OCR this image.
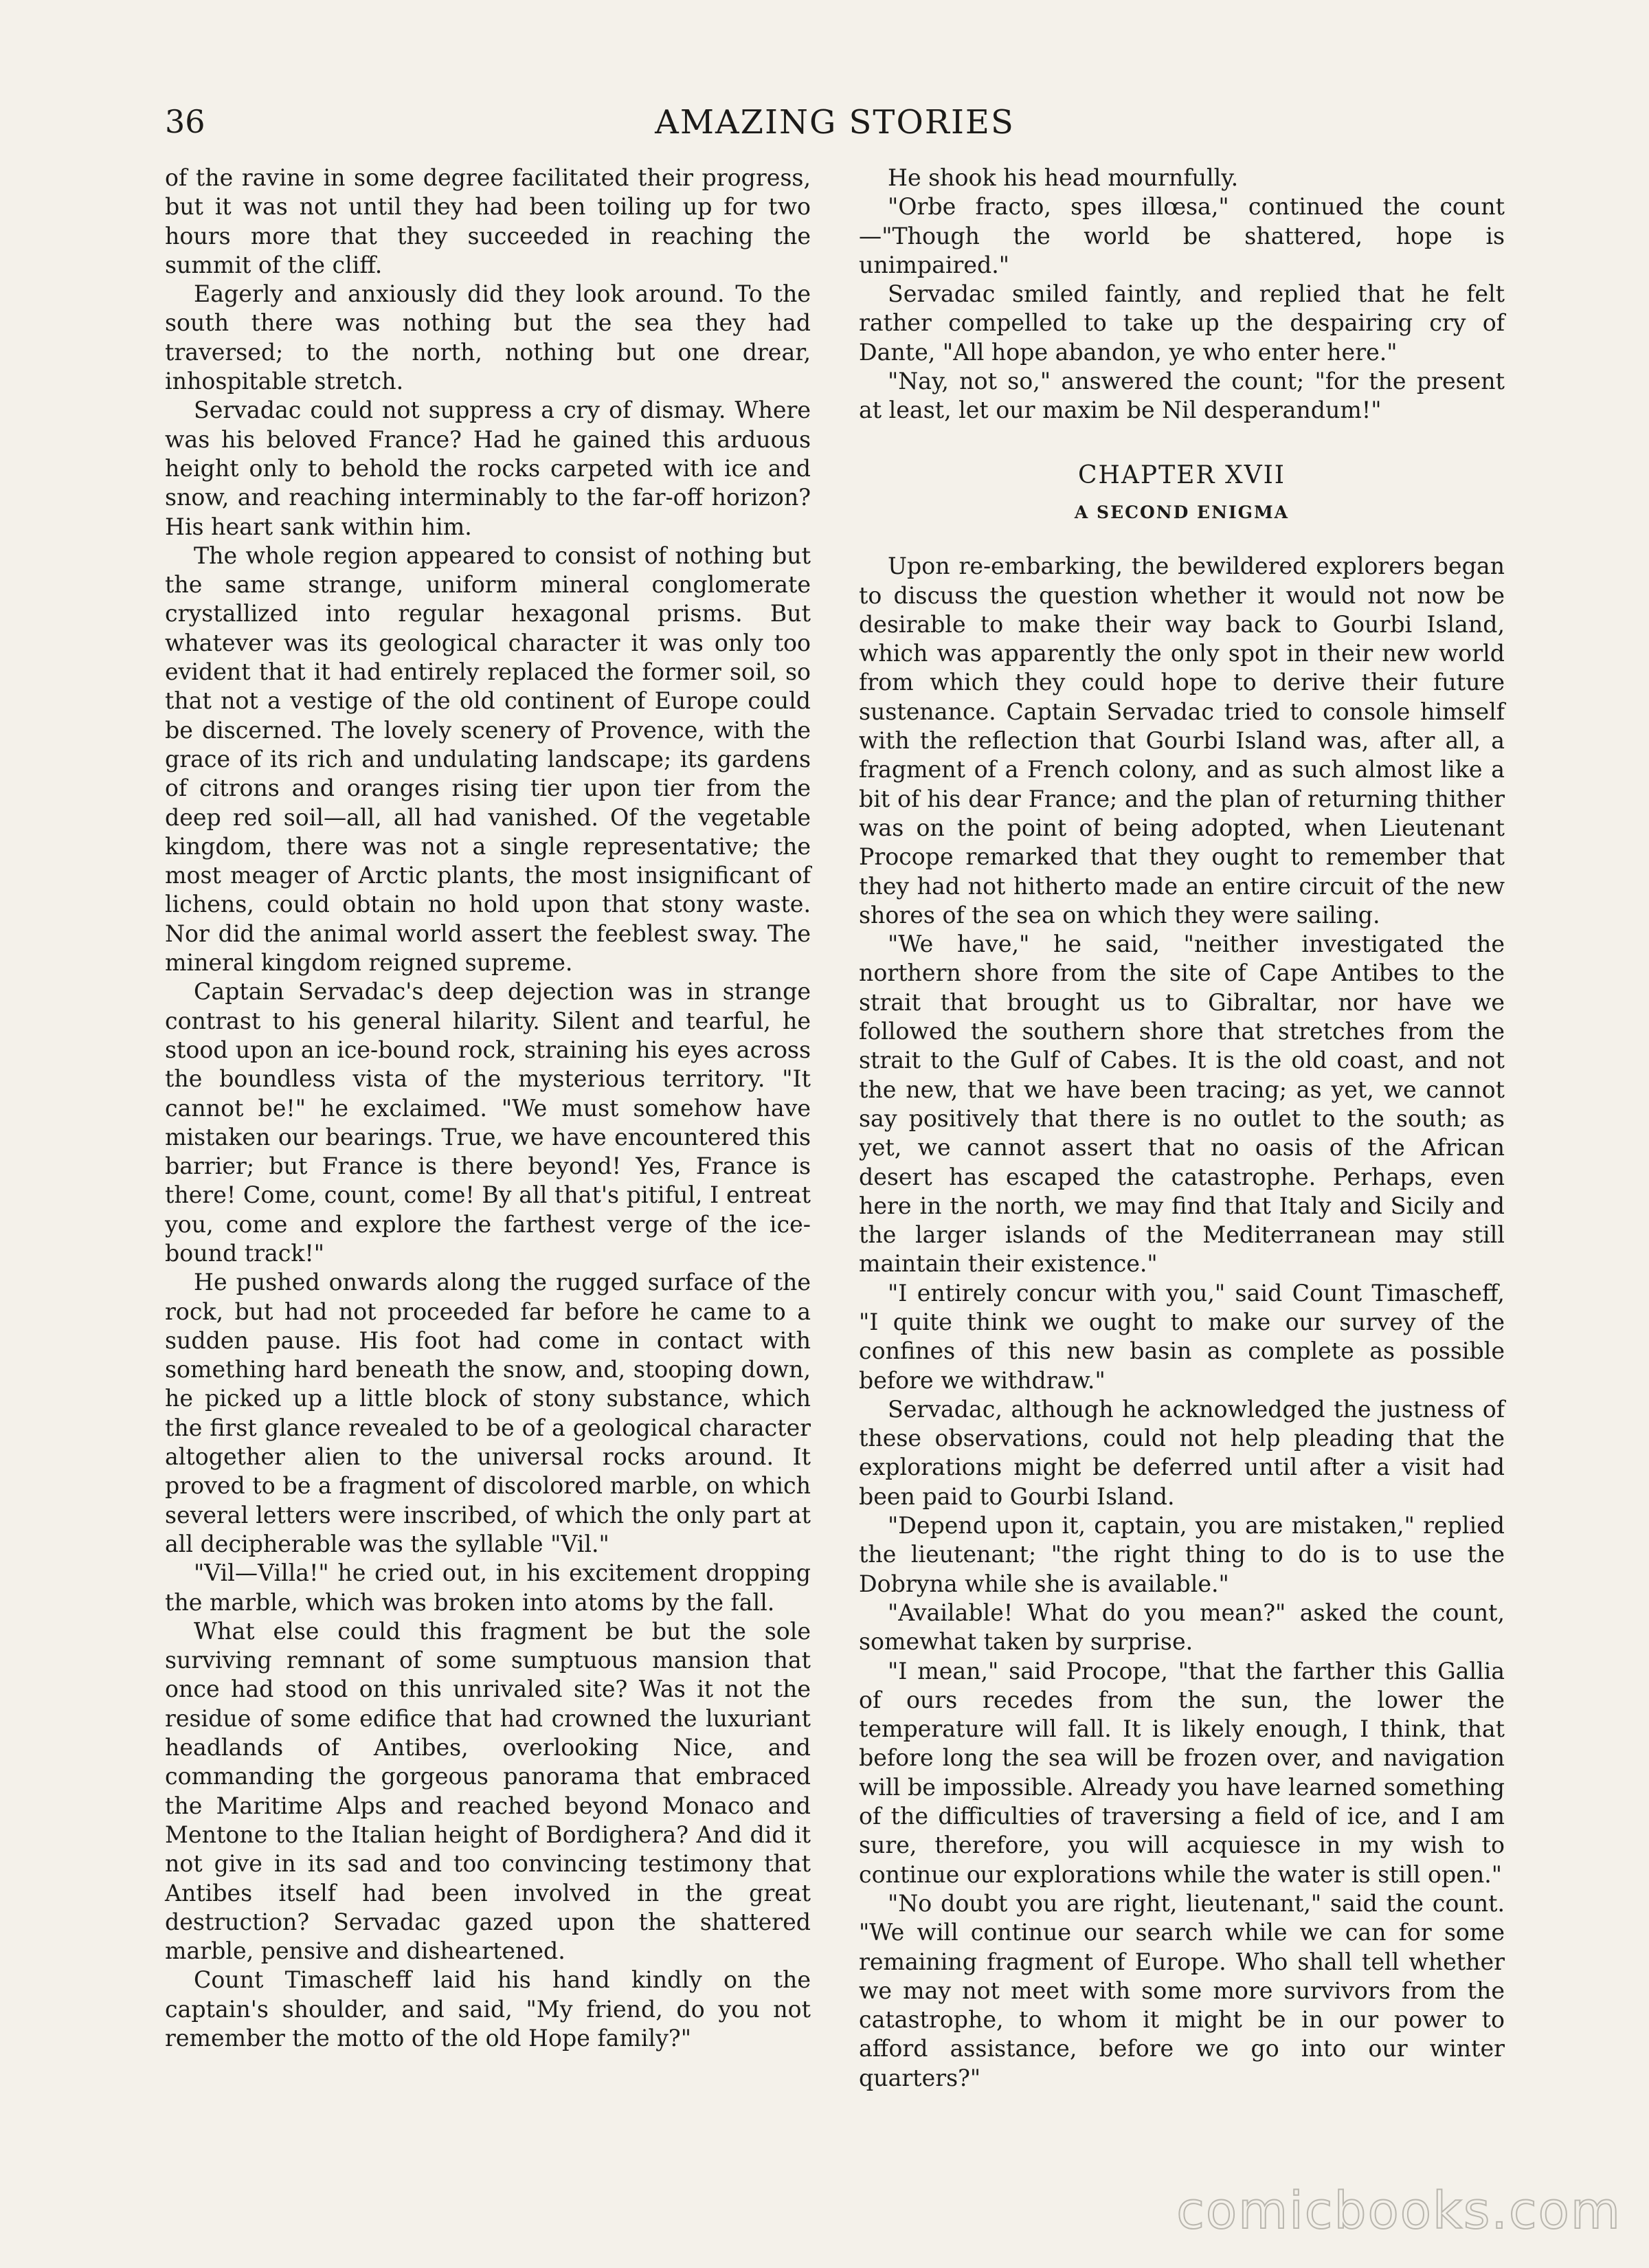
36	AMAZING STORIES

of the ravine in some degree facilitated their progress, but it was not until they had been toiling up for two hours more that they succeeded in reaching the summit of the cliff.

Eagerly and anxiously did they look around. To the south there was nothing but the sea they had traversed; to the north, nothing but one drear, inhospitable stretch.

Servadac could not suppress a cry of dismay. Where was his beloved France? Had he gained this arduous height only to behold the rocks carpeted with ice and snow, and reaching interminably to the far-off horizon? His heart sank within him.

The whole region appeared to consist of nothing but the same strange, uniform mineral conglomerate crystallized into regular hexagonal prisms. But whatever was its geological character it was only too evident that it had entirely replaced the former soil, so that not a vestige of the old continent of Europe could be discerned. The lovely scenery of Provence, with the grace of its rich and undulating landscape; its gardens of citrons and oranges rising tier upon tier from the deep red soil—all, all had vanished. Of the vegetable kingdom, there was not a single representative; the most meager of Arctic plants, the most insignificant of lichens, could obtain no hold upon that stony waste. Nor did the animal world assert the feeblest sway. The mineral kingdom reigned supreme.

Captain Servadac's deep dejection was in strange contrast to his general hilarity. Silent and tearful, he stood upon an ice-bound rock, straining his eyes across the boundless vista of the mysterious territory. "It cannot be!" he exclaimed. "We must somehow have mistaken our bearings. True, we have encountered this barrier; but France is there beyond! Yes, France is there! Come, count, come! By all that's pitiful, I entreat you, come and explore the farthest verge of the ice-bound track!"

He pushed onwards along the rugged surface of the rock, but had not proceeded far before he came to a sudden pause. His foot had come in contact with something hard beneath the snow, and, stooping down, he picked up a little block of stony substance, which the first glance revealed to be of a geological character altogether alien to the universal rocks around. It proved to be a fragment of discolored marble, on which several letters were inscribed, of which the only part at all decipherable was the syllable "Vil."

"Vil—Villa!" he cried out, in his excitement dropping the marble, which was broken into atoms by the fall.

What else could this fragment be but the sole surviving remnant of some sumptuous mansion that once had stood on this unrivaled site? Was it not the residue of some edifice that had crowned the luxuriant headlands of Antibes, overlooking Nice, and commanding the gorgeous panorama that embraced the Maritime Alps and reached beyond Monaco and Mentone to the Italian height of Bordighera? And did it not give in its sad and too convincing testimony that Antibes itself had been involved in the great destruction? Servadac gazed upon the shattered marble, pensive and disheartened.

Count Timascheff laid his hand kindly on the captain's shoulder, and said, "My friend, do you not remember the motto of the old Hope family?"

He shook his head mournfully.

"Orbe fracto, spes illœsa," continued the count—"Though the world be shattered, hope is unimpaired."

Servadac smiled faintly, and replied that he felt rather compelled to take up the despairing cry of Dante, "All hope abandon, ye who enter here."

"Nay, not so," answered the count; "for the present at least, let our maxim be Nil desperandum!"

CHAPTER XVII
A SECOND ENIGMA

Upon re-embarking, the bewildered explorers began to discuss the question whether it would not now be desirable to make their way back to Gourbi Island, which was apparently the only spot in their new world from which they could hope to derive their future sustenance. Captain Servadac tried to console himself with the reflection that Gourbi Island was, after all, a fragment of a French colony, and as such almost like a bit of his dear France; and the plan of returning thither was on the point of being adopted, when Lieutenant Procope remarked that they ought to remember that they had not hitherto made an entire circuit of the new shores of the sea on which they were sailing.

"We have," he said, "neither investigated the northern shore from the site of Cape Antibes to the strait that brought us to Gibraltar, nor have we followed the southern shore that stretches from the strait to the Gulf of Cabes. It is the old coast, and not the new, that we have been tracing; as yet, we cannot say positively that there is no outlet to the south; as yet, we cannot assert that no oasis of the African desert has escaped the catastrophe. Perhaps, even here in the north, we may find that Italy and Sicily and the larger islands of the Mediterranean may still maintain their existence."

"I entirely concur with you," said Count Timascheff, "I quite think we ought to make our survey of the confines of this new basin as complete as possible before we withdraw."

Servadac, although he acknowledged the justness of these observations, could not help pleading that the explorations might be deferred until after a visit had been paid to Gourbi Island.

"Depend upon it, captain, you are mistaken," replied the lieutenant; "the right thing to do is to use the Dobryna while she is available."

"Available! What do you mean?" asked the count, somewhat taken by surprise.

"I mean," said Procope, "that the farther this Gallia of ours recedes from the sun, the lower the temperature will fall. It is likely enough, I think, that before long the sea will be frozen over, and navigation will be impossible. Already you have learned something of the difficulties of traversing a field of ice, and I am sure, therefore, you will acquiesce in my wish to continue our explorations while the water is still open."

"No doubt you are right, lieutenant," said the count. "We will continue our search while we can for some remaining fragment of Europe. Who shall tell whether we may not meet with some more survivors from the catastrophe, to whom it might be in our power to afford assistance, before we go into our winter quarters?"

comicbooks.com
